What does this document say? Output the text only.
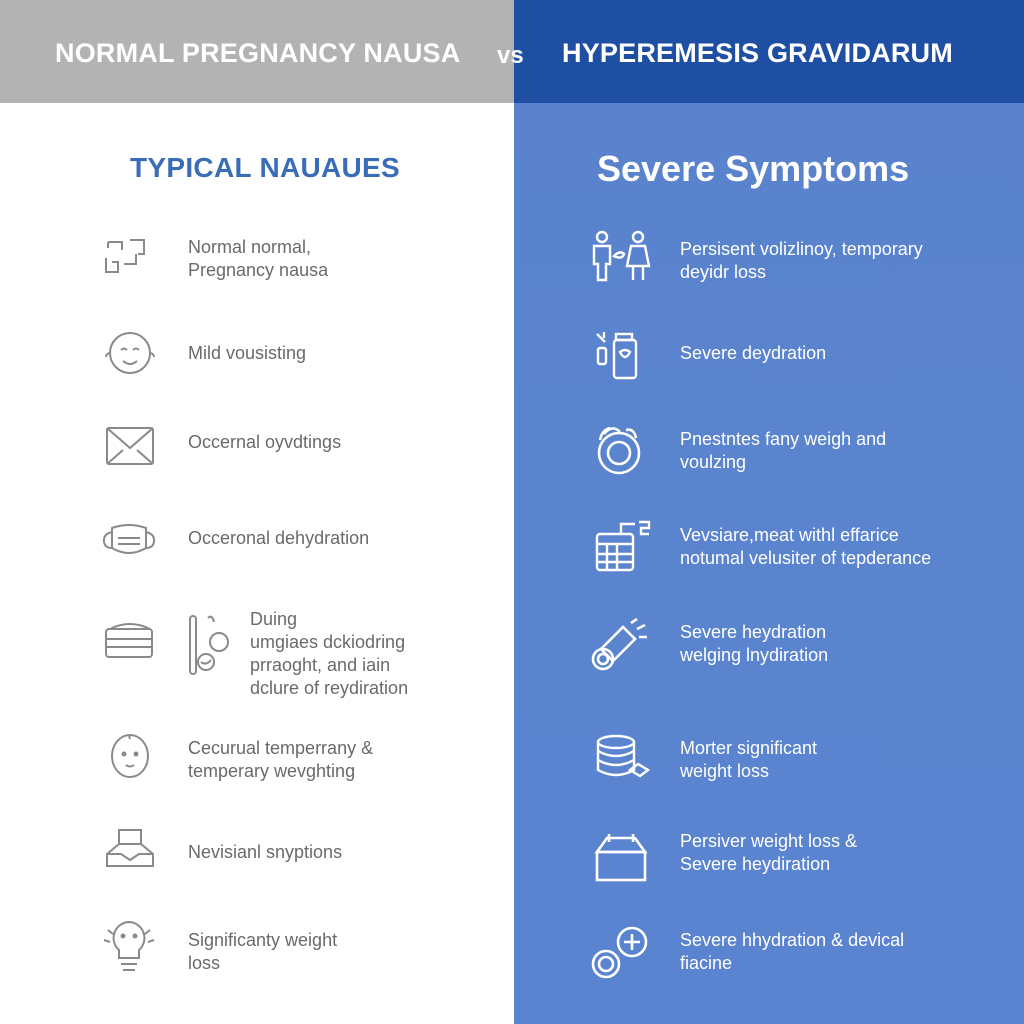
NORMAL PREGNANCY NAUSA vs HYPEREMESIS GRAVIDARUM
TYPICAL NAUAUES	Severe Symptoms
Normal normal,
Pregnancy nausa
Mild vousisting
Occernal oyvdtings
Occeronal dehydration
Duing
umgiaes dckiodring
prraoght, and iain
dclure of reydiration
Cecurual temperrany &
temperary wevghting
Nevisianl snyptions
Significanty weight
loss
Persisent volizlinoy, temporary
deyidr loss
Severe deydration
Pnestntes fany weigh and
voulzing
Vevsiare,meat withl effarice
notumal velusiter of tepderance
Severe heydration
welging lnydiration
Morter significant
weight loss
Persiver weight loss &
Severe heydiration
Severe hhydration & devical
fiacine
